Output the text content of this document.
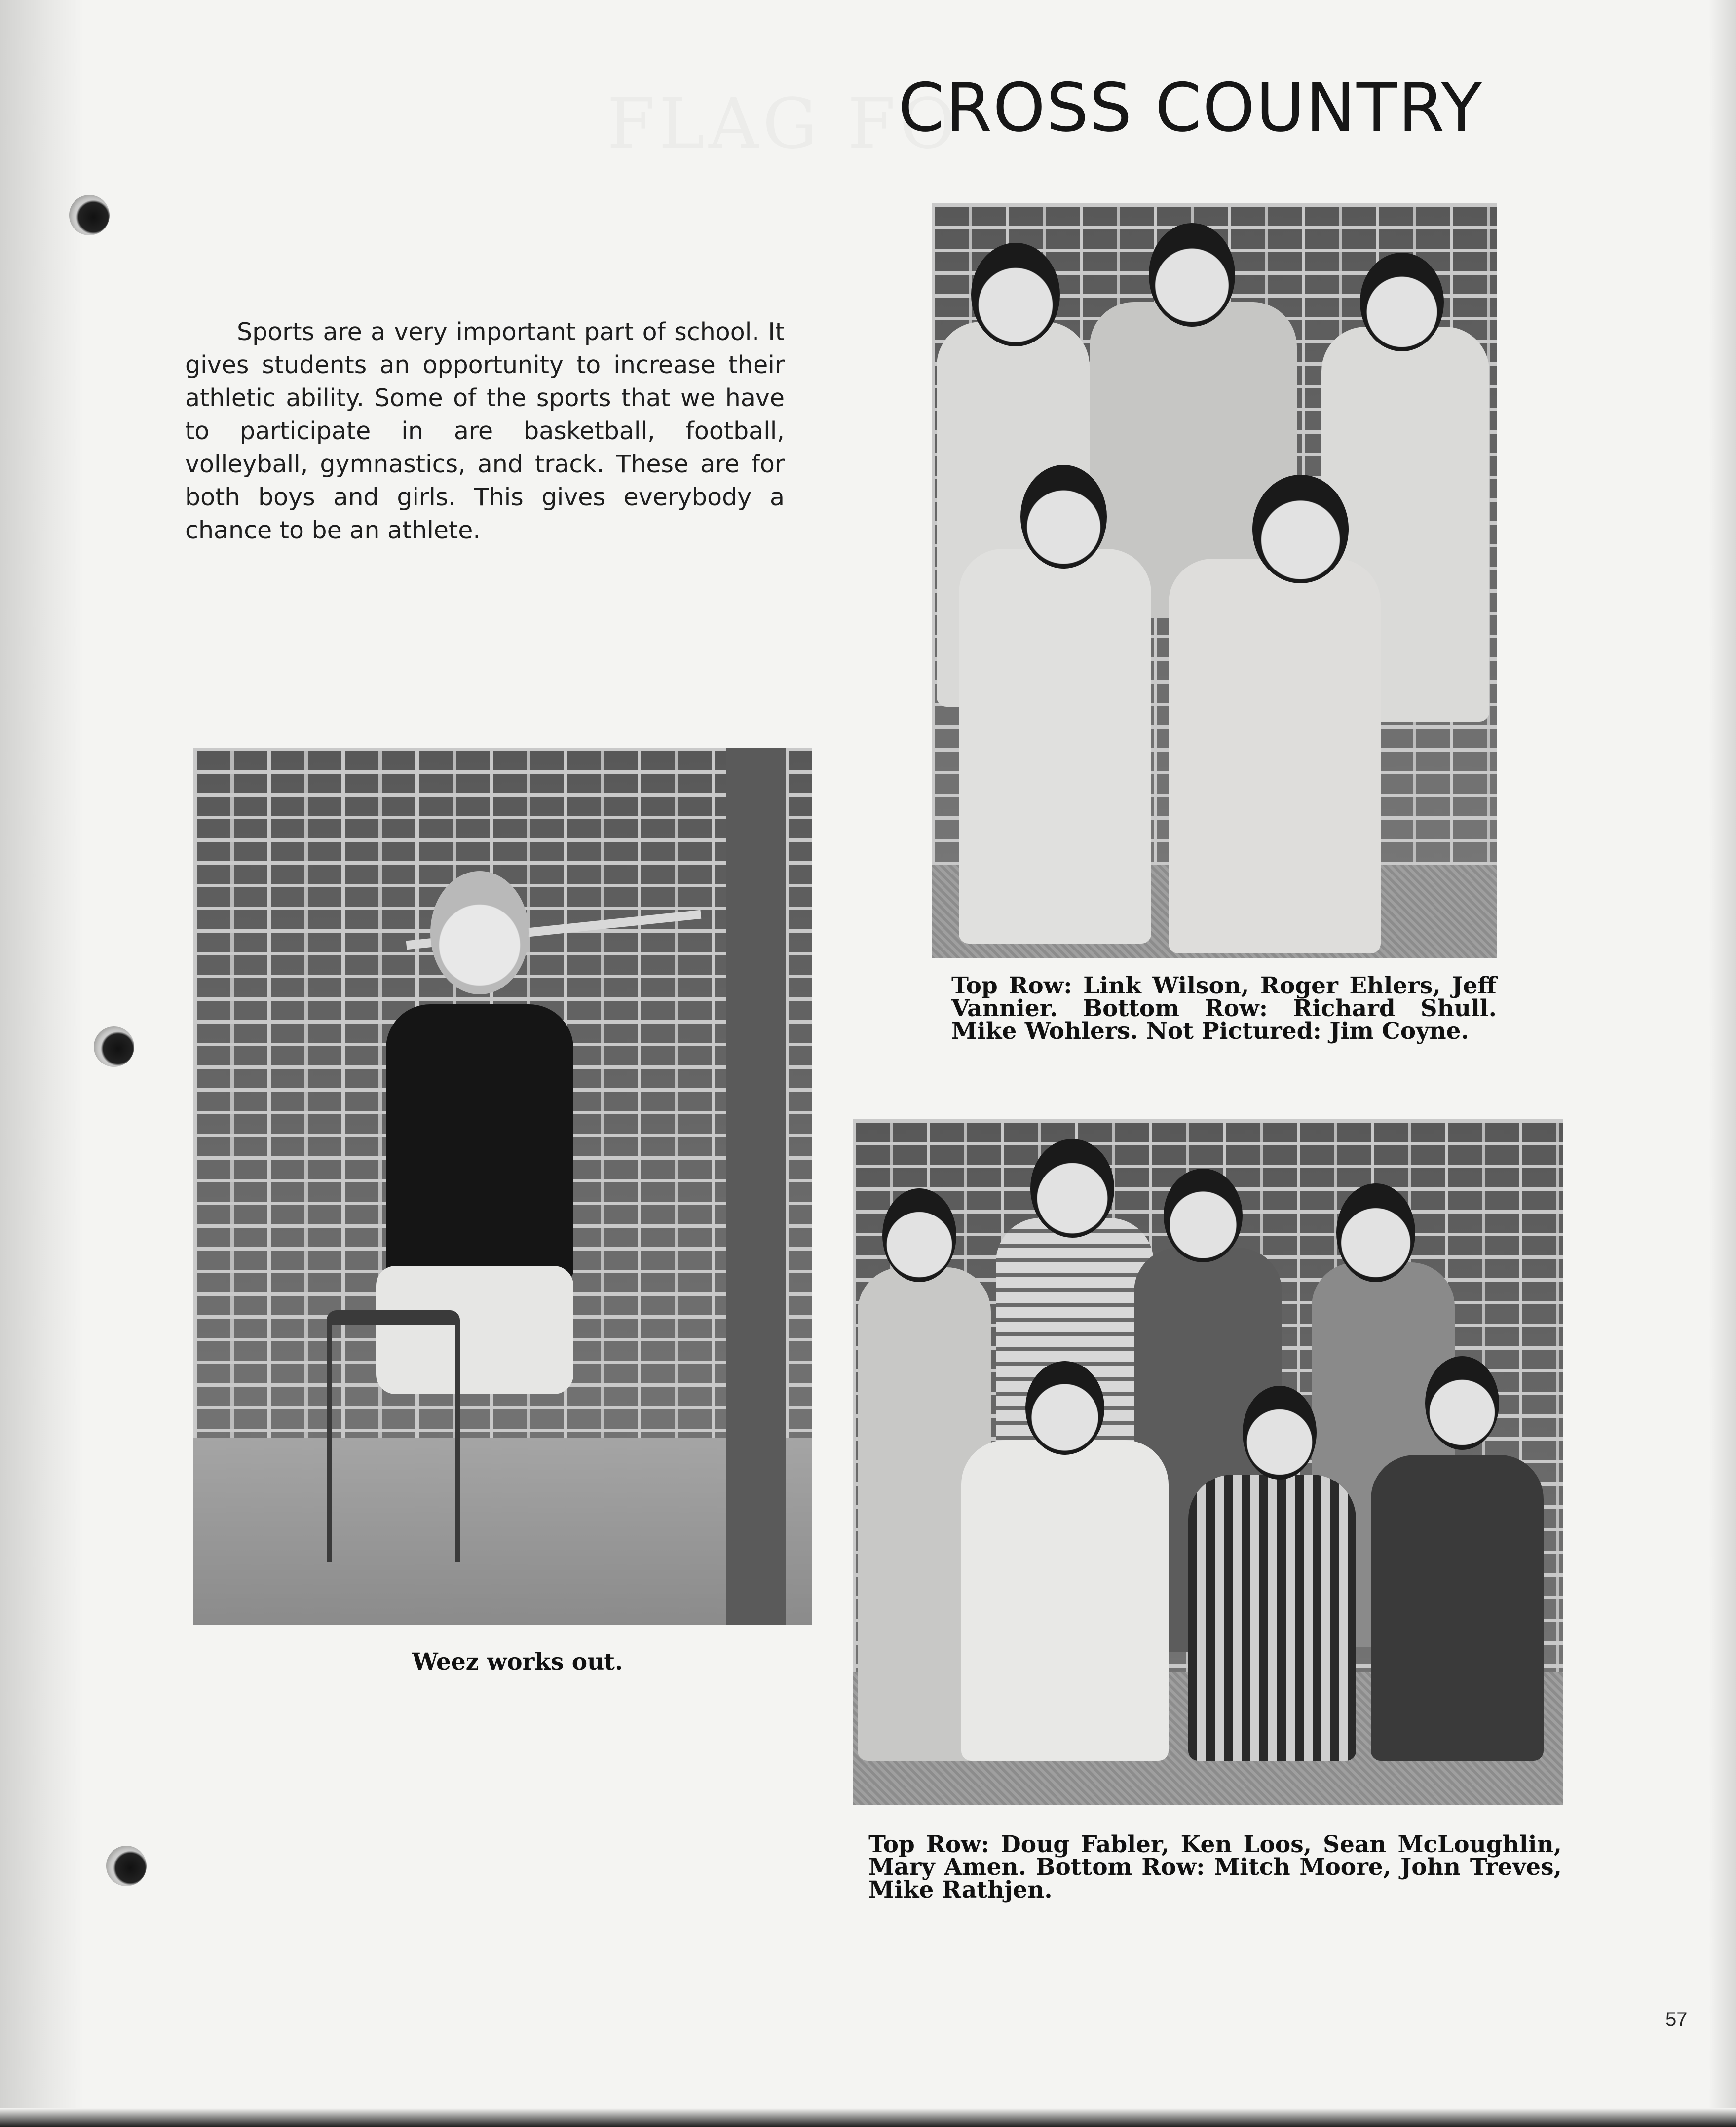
FLAG FO
CROSS COUNTRY

Sports are a very important part of school. It gives students an opportunity to increase their athletic ability. Some of the sports that we have to participate in are basketball, football, volleyball, gymnastics, and track. These are for both boys and girls. This gives everybody a chance to be an athlete.

Top Row: Link Wilson, Roger Ehlers, Jeff Vannier. Bottom Row: Richard Shull. Mike Wohlers. Not Pictured: Jim Coyne.

Weez works out.

Top Row: Doug Fabler, Ken Loos, Sean McLoughlin, Mary Amen. Bottom Row: Mitch Moore, John Treves, Mike Rathjen.

57
